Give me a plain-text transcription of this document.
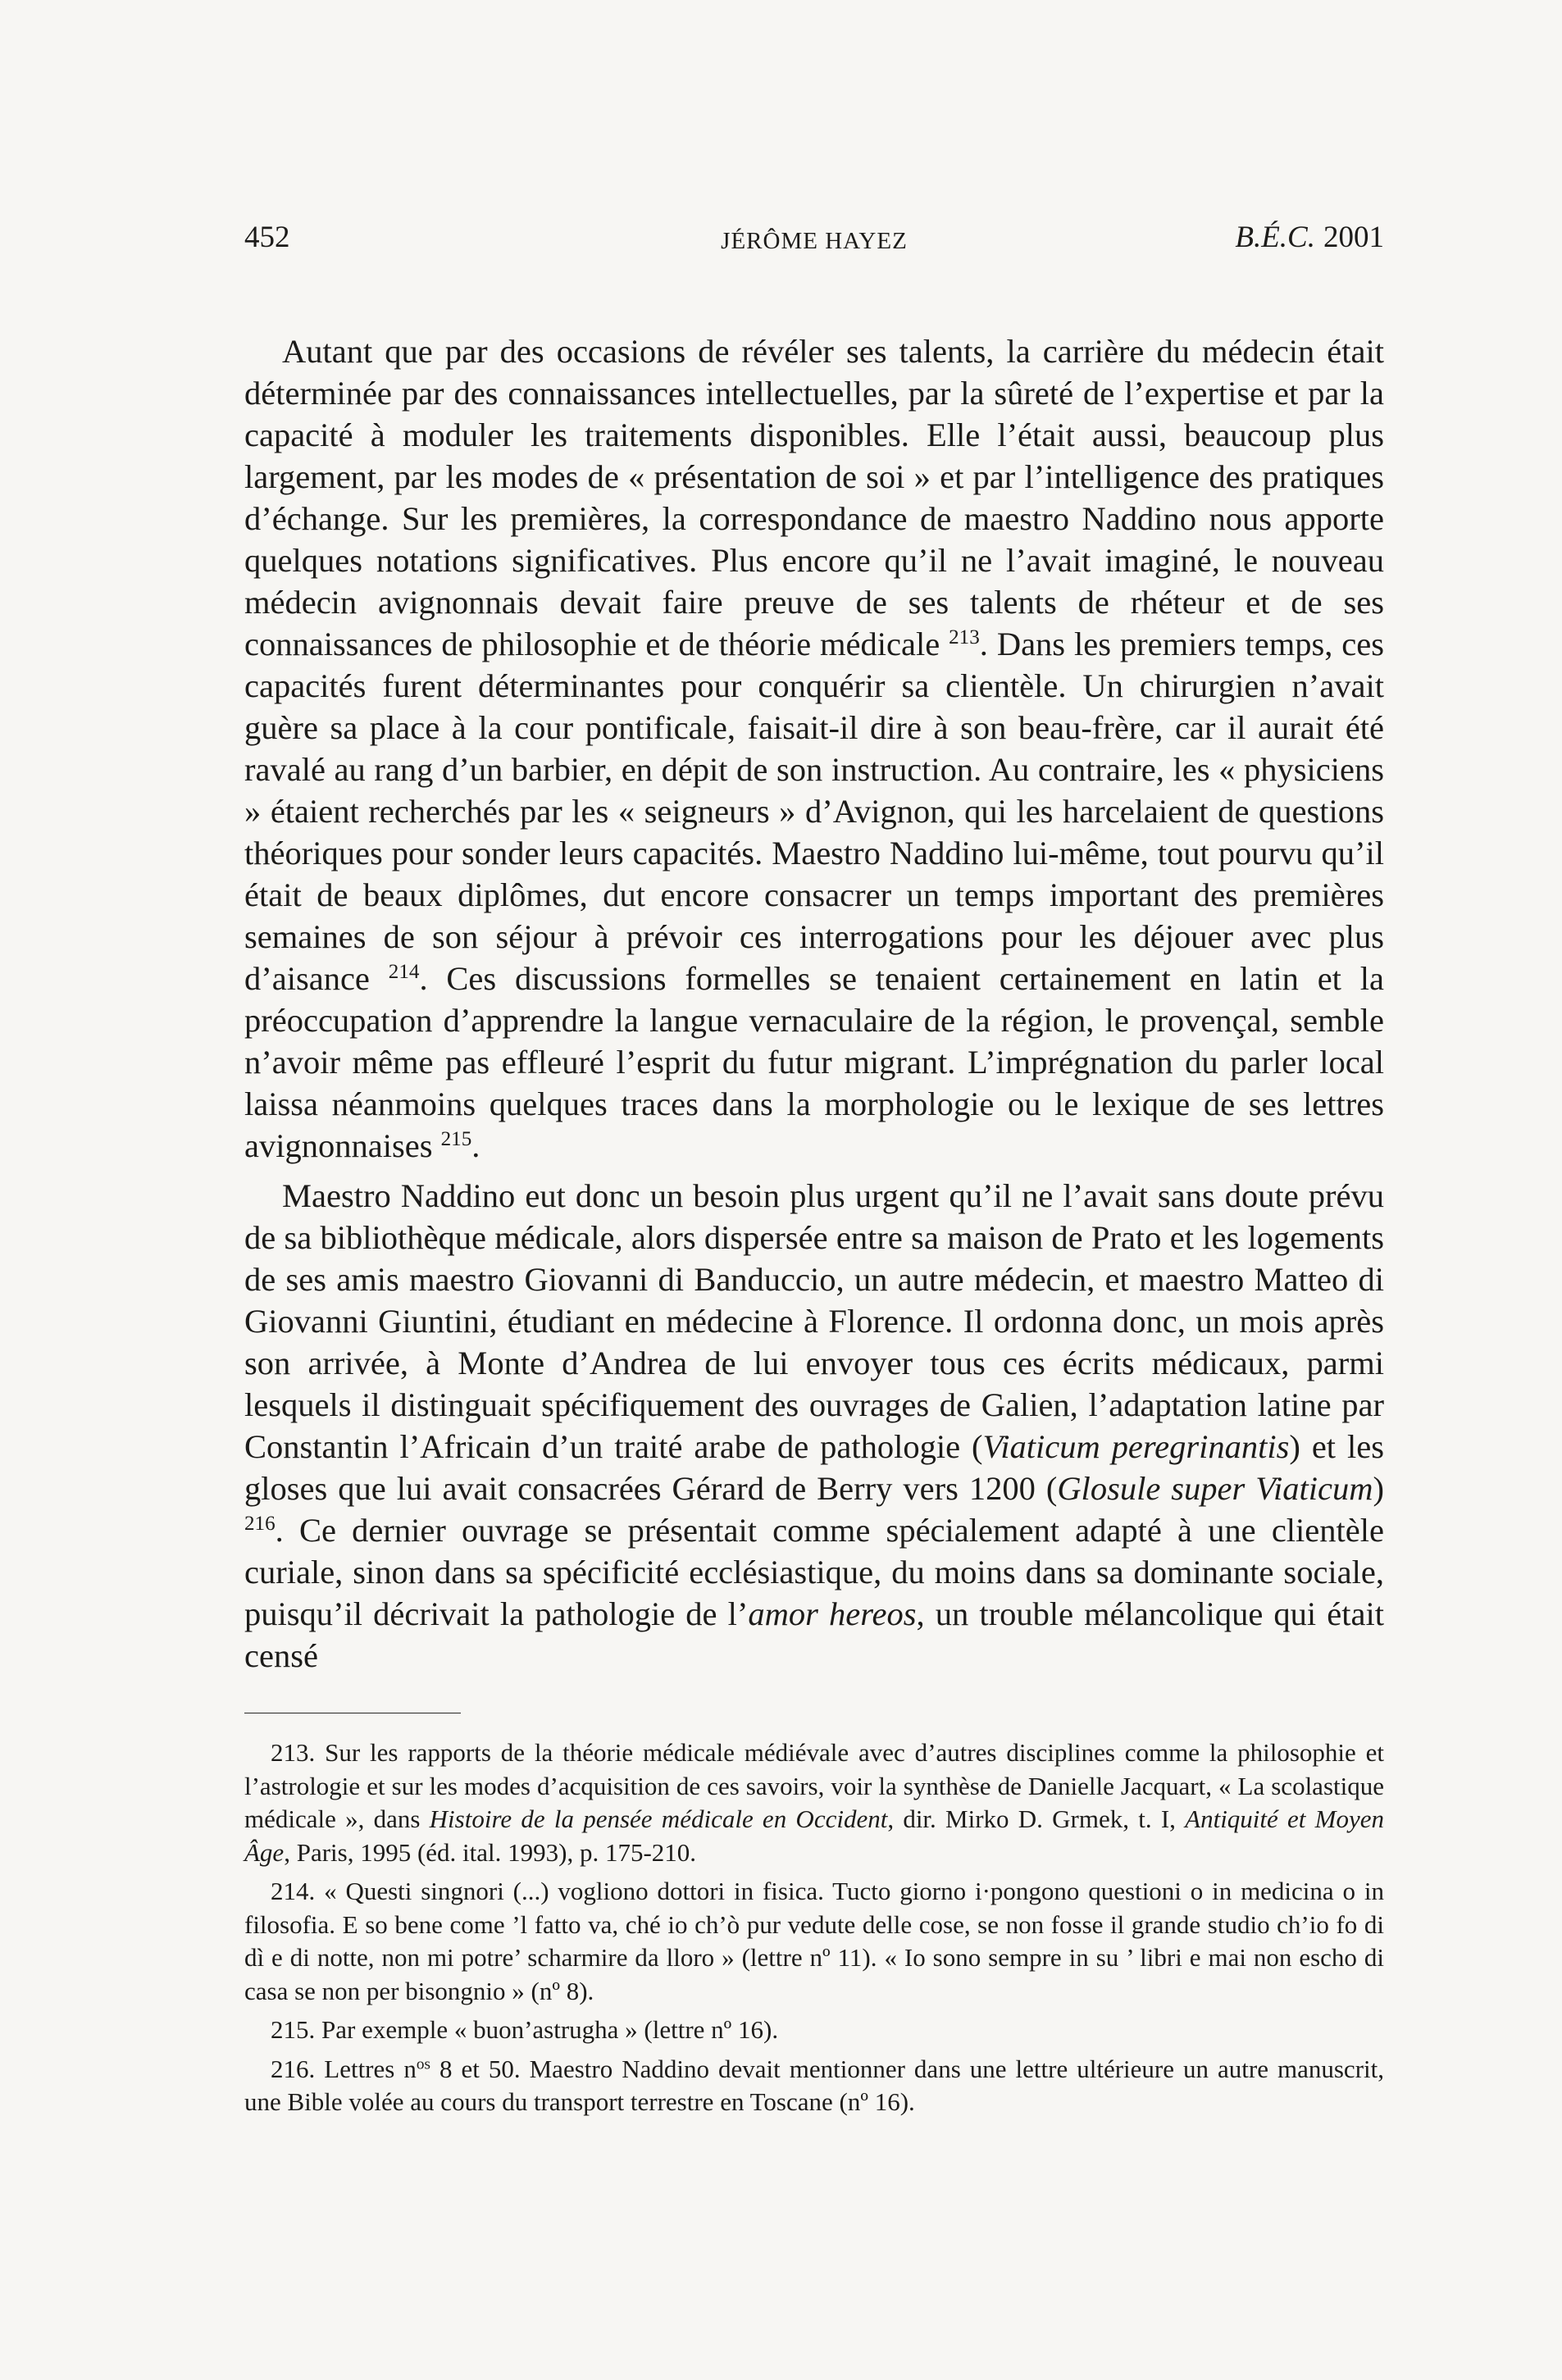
452	JÉRÔME HAYEZ	B.É.C. 2001

Autant que par des occasions de révéler ses talents, la carrière du médecin était déterminée par des connaissances intellectuelles, par la sûreté de l’expertise et par la capacité à moduler les traitements disponibles. Elle l’était aussi, beaucoup plus largement, par les modes de « présentation de soi » et par l’intelligence des pratiques d’échange. Sur les premières, la correspondance de maestro Naddino nous apporte quelques notations significatives. Plus encore qu’il ne l’avait imaginé, le nouveau médecin avignonnais devait faire preuve de ses talents de rhéteur et de ses connaissances de philosophie et de théorie médicale $^{213}$. Dans les premiers temps, ces capacités furent déterminantes pour conquérir sa clientèle. Un chirurgien n’avait guère sa place à la cour pontificale, faisait-il dire à son beau-frère, car il aurait été ravalé au rang d’un barbier, en dépit de son instruction. Au contraire, les « physiciens » étaient recherchés par les « seigneurs » d’Avignon, qui les harcelaient de questions théoriques pour sonder leurs capacités. Maestro Naddino lui-même, tout pourvu qu’il était de beaux diplômes, dut encore consacrer un temps important des premières semaines de son séjour à prévoir ces interrogations pour les déjouer avec plus d’aisance $^{214}$. Ces discussions formelles se tenaient certainement en latin et la préoccupation d’apprendre la langue vernaculaire de la région, le provençal, semble n’avoir même pas effleuré l’esprit du futur migrant. L’imprégnation du parler local laissa néanmoins quelques traces dans la morphologie ou le lexique de ses lettres avignonnaises $^{215}$.

Maestro Naddino eut donc un besoin plus urgent qu’il ne l’avait sans doute prévu de sa bibliothèque médicale, alors dispersée entre sa maison de Prato et les logements de ses amis maestro Giovanni di Banduccio, un autre médecin, et maestro Matteo di Giovanni Giuntini, étudiant en médecine à Florence. Il ordonna donc, un mois après son arrivée, à Monte d’Andrea de lui envoyer tous ces écrits médicaux, parmi lesquels il distinguait spécifiquement des ouvrages de Galien, l’adaptation latine par Constantin l’Africain d’un traité arabe de pathologie (Viaticum peregrinantis) et les gloses que lui avait consacrées Gérard de Berry vers 1200 (Glosule super Viaticum) $^{216}$. Ce dernier ouvrage se présentait comme spécialement adapté à une clientèle curiale, sinon dans sa spécificité ecclésiastique, du moins dans sa dominante sociale, puisqu’il décrivait la pathologie de l’amor hereos, un trouble mélancolique qui était censé

213. Sur les rapports de la théorie médicale médiévale avec d’autres disciplines comme la philosophie et l’astrologie et sur les modes d’acquisition de ces savoirs, voir la synthèse de Danielle Jacquart, « La scolastique médicale », dans Histoire de la pensée médicale en Occident, dir. Mirko D. Grmek, t. I, Antiquité et Moyen Âge, Paris, 1995 (éd. ital. 1993), p. 175-210.

214. « Questi singnori (...) vogliono dottori in fisica. Tucto giorno i·pongono questioni o in medicina o in filosofia. E so bene come ’l fatto va, ché io ch’ò pur vedute delle cose, se non fosse il grande studio ch’io fo di dì e di notte, non mi potre’ scharmire da lloro » (lettre nº 11). « Io sono sempre in su ’ libri e mai non escho di casa se non per bisongnio » (nº 8).

215. Par exemple « buon’astrugha » (lettre nº 16).

216. Lettres $n^{os}$ 8 et 50. Maestro Naddino devait mentionner dans une lettre ultérieure un autre manuscrit, une Bible volée au cours du transport terrestre en Toscane (nº 16).
